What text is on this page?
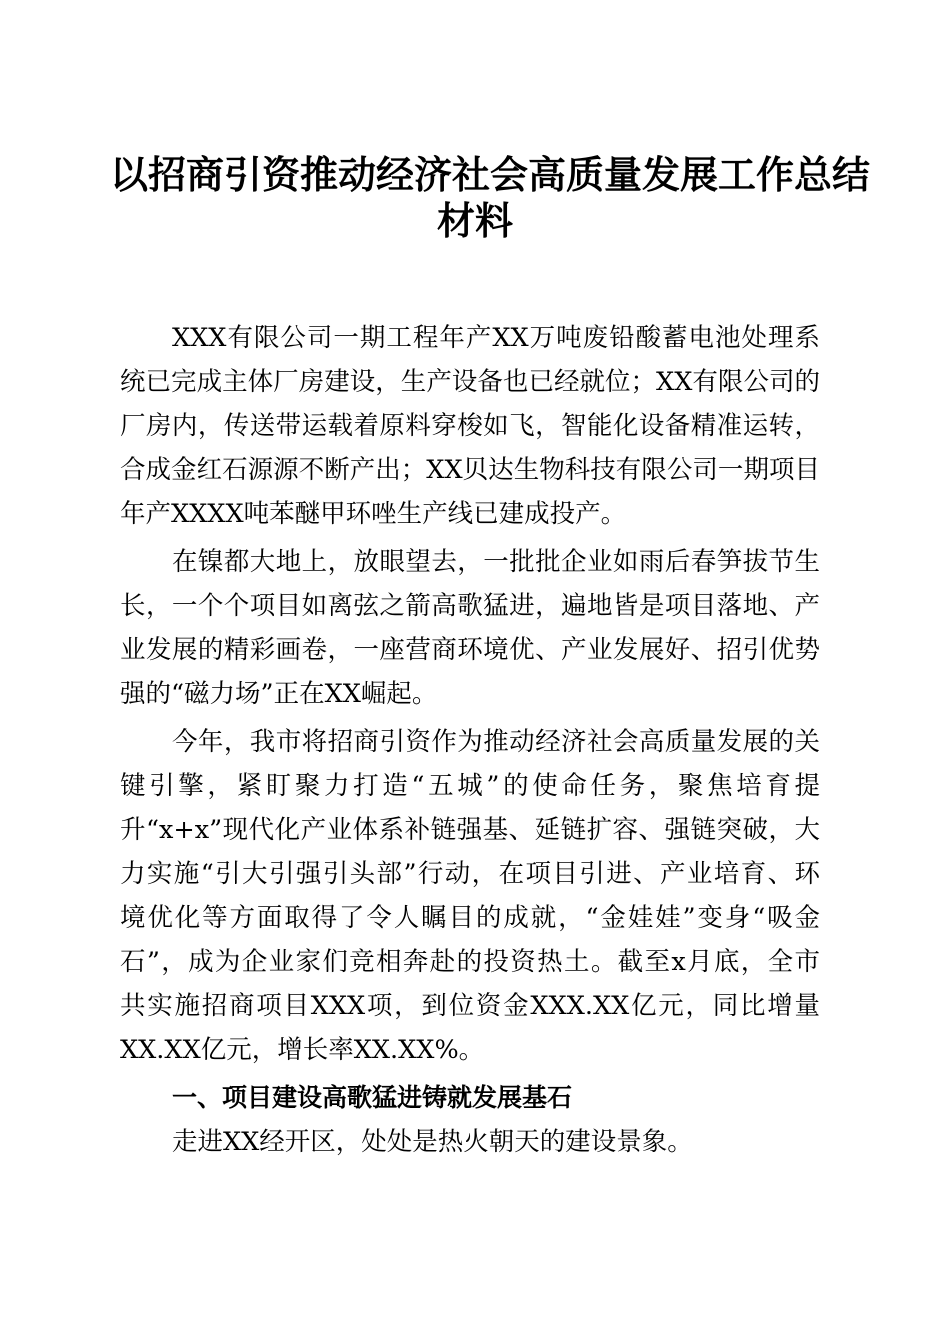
以招商引资推动经济社会高质量发展工作总结
材料
XXX有限公司一期工程年产XX万吨废铅酸蓄电池处理系
统已完成主体厂房建设，生产设备也已经就位；XX有限公司的
厂房内，传送带运载着原料穿梭如飞，智能化设备精准运转，
合成金红石源源不断产出；XX贝达生物科技有限公司一期项目
年产XXXX吨苯醚甲环唑生产线已建成投产。
在镍都大地上，放眼望去，一批批企业如雨后春笋拔节生
长，一个个项目如离弦之箭高歌猛进，遍地皆是项目落地、产
业发展的精彩画卷，一座营商环境优、产业发展好、招引优势
强的“磁力场”正在XX崛起。
今年，我市将招商引资作为推动经济社会高质量发展的关
键引擎，紧盯聚力打造“五城”的使命任务，聚焦培育提
升“x+x”现代化产业体系补链强基、延链扩容、强链突破，大
力实施“引大引强引头部”行动，在项目引进、产业培育、环
境优化等方面取得了令人瞩目的成就，“金娃娃”变身“吸金
石”，成为企业家们竞相奔赴的投资热土。截至x月底，全市
共实施招商项目XXX项，到位资金XXX.XX亿元，同比增量
XX.XX亿元，增长率XX.XX%。
一、项目建设高歌猛进铸就发展基石
走进XX经开区，处处是热火朝天的建设景象。
